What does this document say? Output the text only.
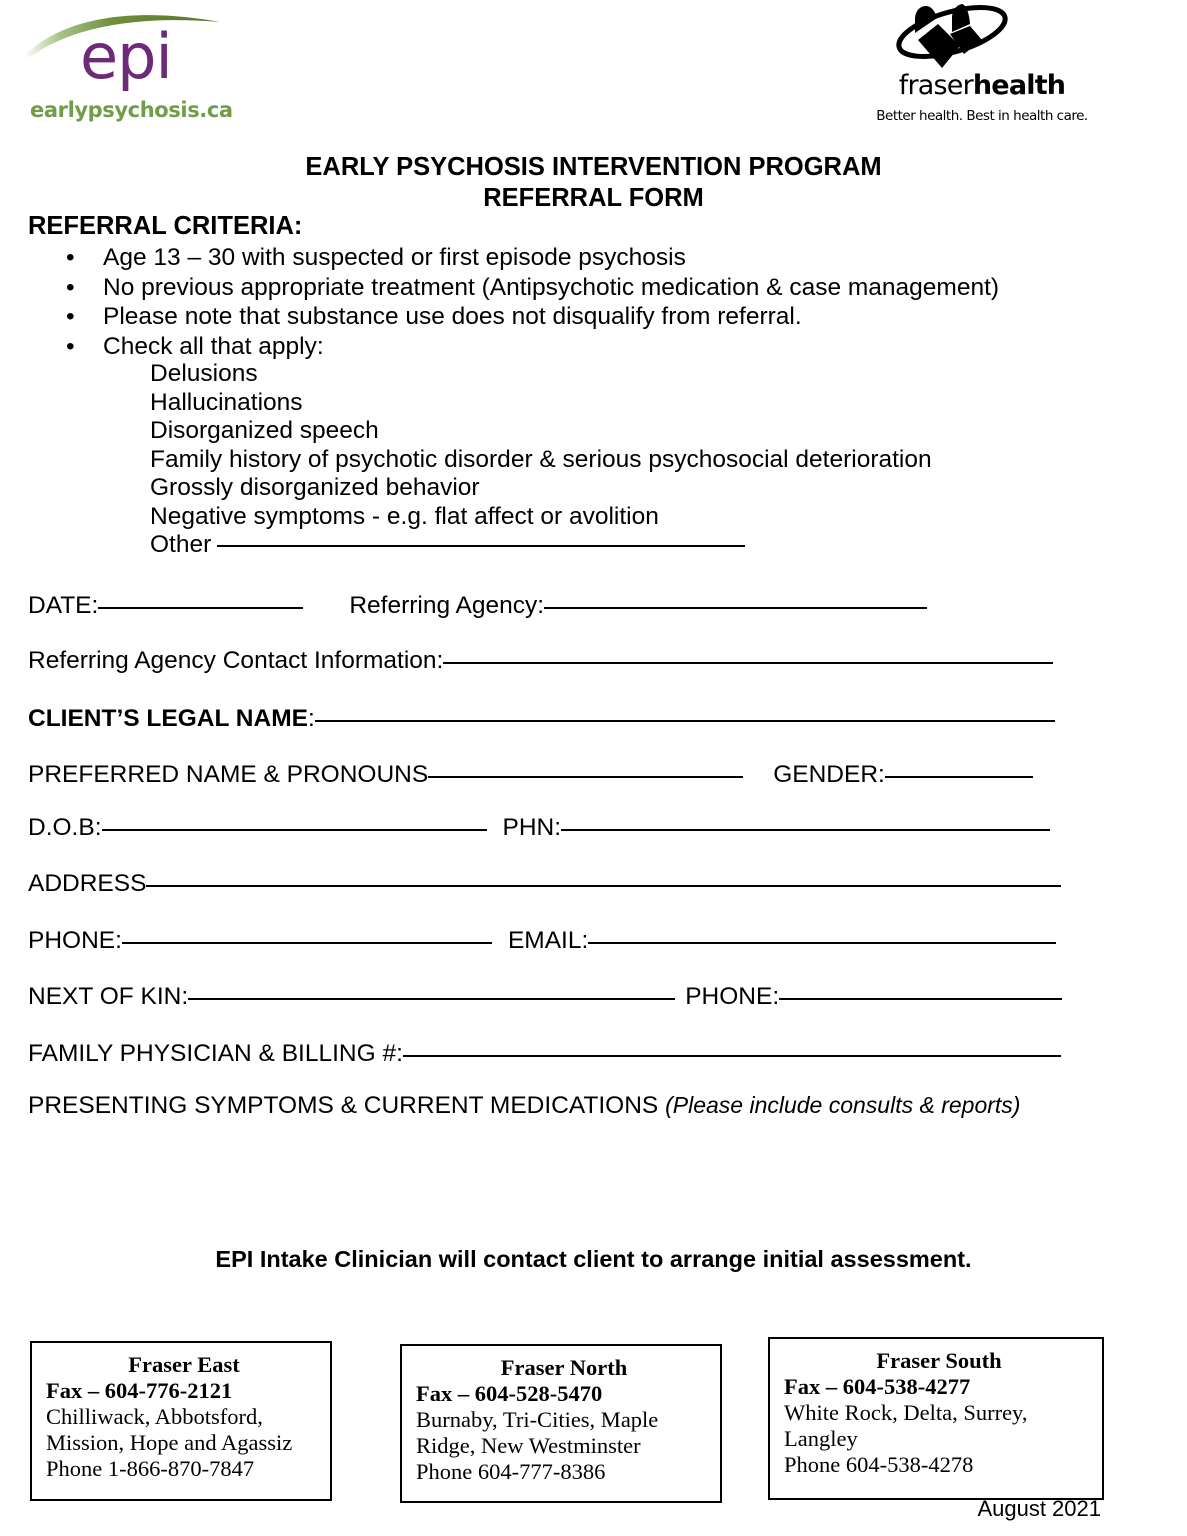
epi
earlypsychosis.ca
fraserhealth
Better health. Best in health care.
EARLY PSYCHOSIS INTERVENTION PROGRAM
REFERRAL FORM
REFERRAL CRITERIA:
• Age 13 – 30 with suspected or first episode psychosis
• No previous appropriate treatment (Antipsychotic medication & case management)
• Please note that substance use does not disqualify from referral.
• Check all that apply:
Delusions
Hallucinations
Disorganized speech
Family history of psychotic disorder & serious psychosocial deterioration
Grossly disorganized behavior
Negative symptoms - e.g. flat affect or avolition
Other
DATE:	Referring Agency:
Referring Agency Contact Information:
CLIENT’S LEGAL NAME:
PREFERRED NAME & PRONOUNS	GENDER:
D.O.B:	PHN:
ADDRESS
PHONE:	EMAIL:
NEXT OF KIN:	PHONE:
FAMILY PHYSICIAN & BILLING #:
PRESENTING SYMPTOMS & CURRENT MEDICATIONS (Please include consults & reports)
EPI Intake Clinician will contact client to arrange initial assessment.
Fraser East
Fax – 604-776-2121
Chilliwack, Abbotsford,
Mission, Hope and Agassiz
Phone 1-866-870-7847
Fraser North
Fax – 604-528-5470
Burnaby, Tri-Cities, Maple
Ridge, New Westminster
Phone 604-777-8386
Fraser South
Fax – 604-538-4277
White Rock, Delta, Surrey,
Langley
Phone 604-538-4278
August 2021
